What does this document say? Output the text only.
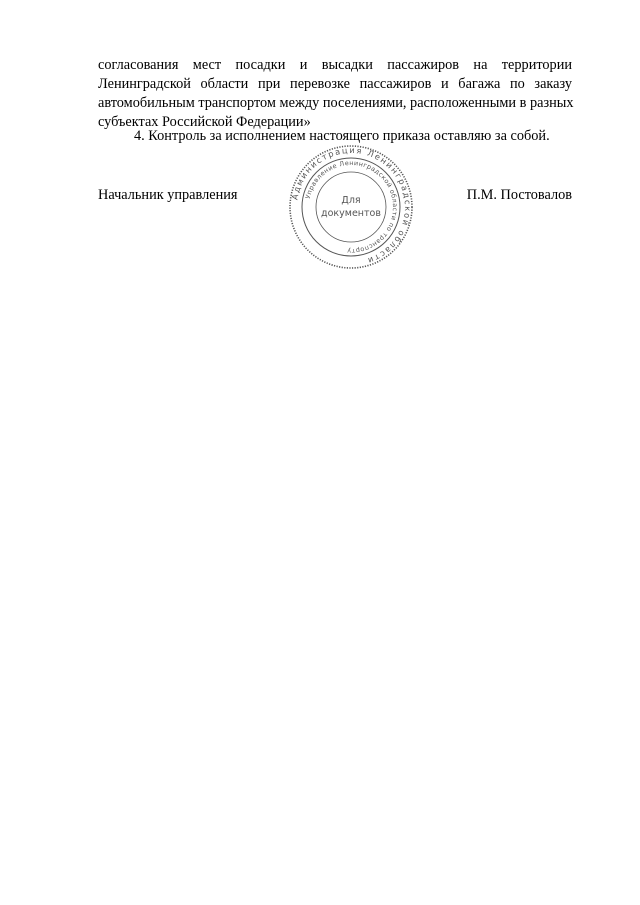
согласования мест посадки и высадки пассажиров на территории
Ленинградской области при перевозке пассажиров и багажа по заказу
автомобильным транспортом между поселениями, расположенными в разных
субъектах Российской Федерации»
4. Контроль за исполнением настоящего приказа оставляю за собой.
Начальник управления	П.М. Постовалов
Администрация Ленинградской области
Управление Ленинградской области по транспорту
Для
документов
